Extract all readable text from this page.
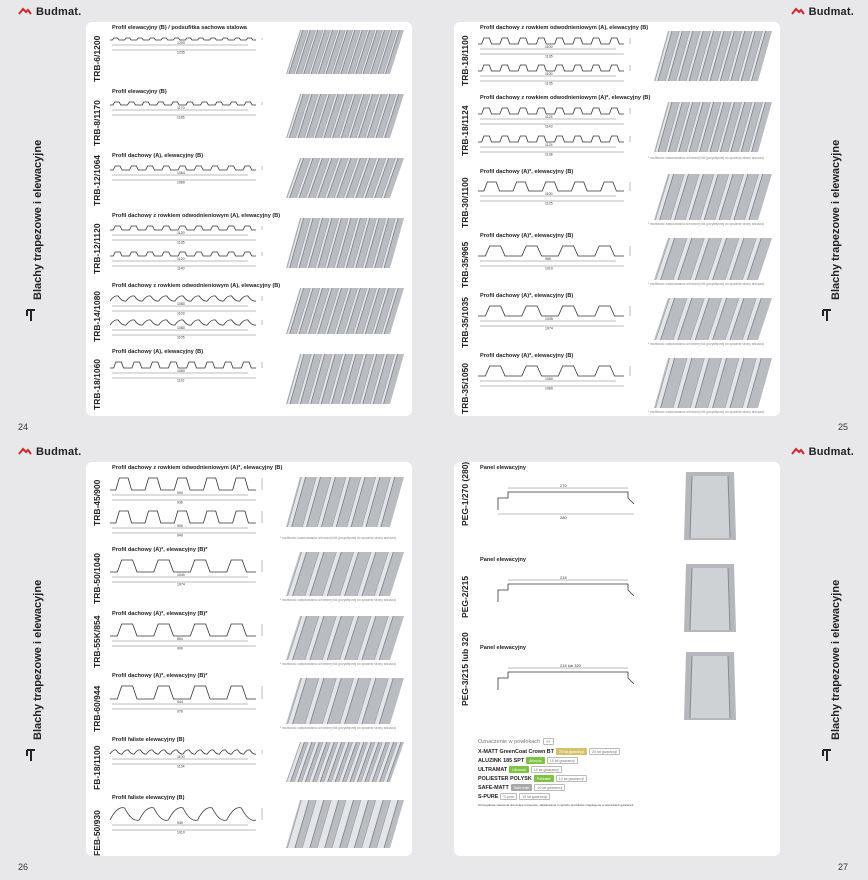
Budmat.
Blachy trapezowe i elewacyjne
24
TRB-6/1200
Profil elewacyjny (B) / podsufitka sachowa stalowa
1200
1235
TRB-8/1170
Profil elewacyjny (B)
1170
1185
TRB-12/1064 Profil dachowy (A), elewacyjny (B)
1064
1080
TRB-12/1120
Profil dachowy z rowkiem odwodnieniowym (A), elewacyjny (B)
1120
1135
1120
1140
TRB-14/1080
Profil dachowy z rowkiem odwodnieniowym (A), elewacyjny (B)
1080
1103
1080
1105
TRB-18/1060
Profil dachowy (A), elewacyjny (B)
1060
1110
Budmat.
Blachy trapezowe i elewacyjne
25
TRB-18/1100
Profil dachowy z rowkiem odwodnieniowym (A), elewacyjny (B)
1100
1135
1100
1135
TRB-18/1124
Profil dachowy z rowkiem odwodnieniowym (A)*, elewacyjny (B)
1124
1143
1124
1138
* możliwość zastosowania ochronnej folii (przyklejonej do spodniej strony arkusza)
TRB-30/1100
Profil dachowy (A)*, elewacyjny (B)
1100
1125
* możliwość zastosowania ochronnej folii (przyklejonej do spodniej strony arkusza)
TRB-35/965
Profil dachowy (A)*, elewacyjny (B)
965
1010
* możliwość zastosowania ochronnej folii (przyklejonej do spodniej strony arkusza)
TRB-35/1035
Profil dachowy (A)*, elewacyjny (B)
1035
1074
* możliwość zastosowania ochronnej folii (przyklejonej do spodniej strony arkusza)
TRB-35/1050
Profil dachowy (A)*, elewacyjny (B)
1050
1089
* możliwość zastosowania ochronnej folii (przyklejonej do spodniej strony arkusza)
Budmat.
Blachy trapezowe i elewacyjne
26
TRB-45/900
Profil dachowy z rowkiem odwodnieniowym (A)*, elewacyjny (B)
900
936
900
940
* możliwość zastosowania ochronnej folii (przyklejonej do spodniej strony arkusza)
TRB-50/1040
Profil dachowy (A)*, elewacyjny (B)*
1040
1074
* możliwość zastosowania ochronnej folii (przyklejonej do spodniej strony arkusza)
TRB-55K/854
Profil dachowy (A)*, elewacyjny (B)*
854
900
* możliwość zastosowania ochronnej folii (przyklejonej do spodniej strony arkusza)
TRB-60/944
Profil dachowy (A)*, elewacyjny (B)*
944
976
* możliwość zastosowania ochronnej folii (przyklejonej do spodniej strony arkusza)
FB-18/1100
Profil faliste elewacyjny (B)
1100
1134
FEB-50/930
Profil faliste elewacyjny (B)
930
1010
Budmat.
Blachy trapezowe i elewacyjne
27
PEG-1/270 (280) Panel elewacyjny
270
280
PEG-2/215
Panel elewacyjny
215
PEG-3/215 lub 320 Panel elewacyjny
215 lub 320
Oznaczenie w powłokach	ST
X-MATT GreenCoat Crown BT	25 lat gwarancji	25 lat gwarancji
ALUZINK 185 SPT	Alucynk	15 lat gwarancji
ULTRAMAT	Ultramat	15 lat gwarancji
POLIESTER POLYSK	Poliester	10 lat gwarancji
SAFE-MATT	Safe-matt	20 lat gwarancji
S-PURE	S-pure	15 lat gwarancji
Szczegółowe zalecenia dotyczące transportu, składowania i montażu produktów znajdują się w warunkach gwarancji.
